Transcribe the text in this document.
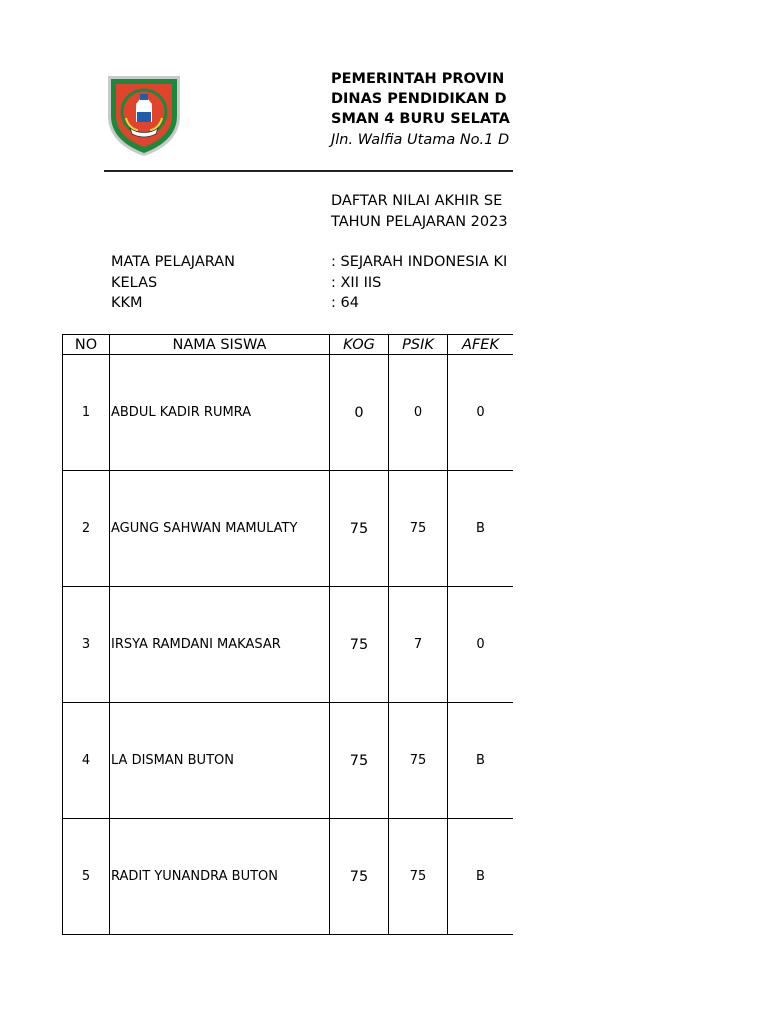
PEMERINTAH PROVIN
DINAS PENDIDIKAN D
SMAN 4 BURU SELATA
Jln. Walfia Utama No.1 D
DAFTAR NILAI AKHIR SE
TAHUN PELAJARAN 2023
MATA PELAJARAN	: SEJARAH INDONESIA KI
KELAS	: XII IIS
KKM	: 64
NO	NAMA SISWA	KOG	PSIK	AFEK
1	ABDUL KADIR RUMRA	0	0	0
2	AGUNG SAHWAN MAMULATY	75	75	B
3	IRSYA RAMDANI MAKASAR	75	7	0
4	LA DISMAN BUTON	75	75	B
5	RADIT YUNANDRA BUTON	75	75	B
